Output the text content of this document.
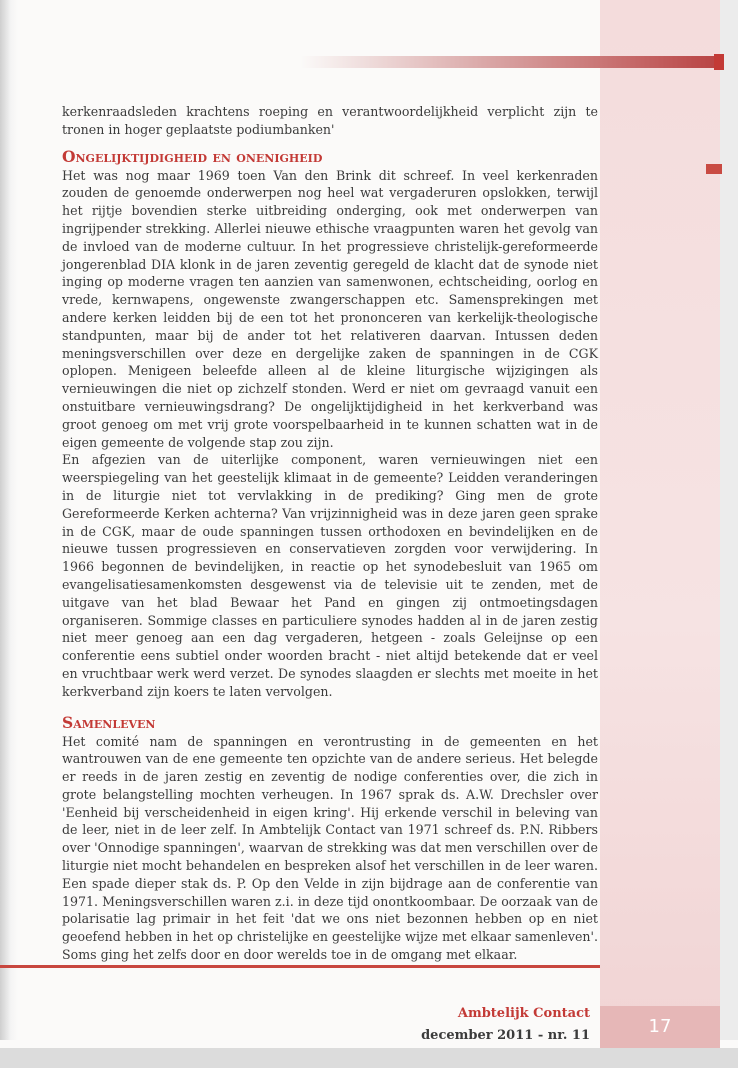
kerkenraadsleden krachtens roeping en verantwoordelijkheid verplicht zijn te tronen in hoger geplaatste podiumbanken'

Ongelijktijdigheid en onenigheid

Het was nog maar 1969 toen Van den Brink dit schreef. In veel kerkenraden zouden de genoemde onderwerpen nog heel wat vergaderuren opslokken, terwijl het rijtje bovendien sterke uitbreiding onderging, ook met onderwerpen van ingrijpender strekking. Allerlei nieuwe ethische vraagpunten waren het gevolg van de invloed van de moderne cultuur. In het progressieve christelijk-gereformeerde jongerenblad DIA klonk in de jaren zeventig geregeld de klacht dat de synode niet inging op moderne vragen ten aanzien van samenwonen, echtscheiding, oorlog en vrede, kernwapens, ongewenste zwangerschappen etc. Samensprekingen met andere kerken leidden bij de een tot het prononceren van kerkelijk-theologische standpunten, maar bij de ander tot het relativeren daarvan. Intussen deden meningsverschillen over deze en dergelijke zaken de spanningen in de CGK oplopen. Menigeen beleefde alleen al de kleine liturgische wijzigingen als vernieuwingen die niet op zichzelf stonden. Werd er niet om gevraagd vanuit een onstuitbare vernieuwingsdrang? De ongelijktijdigheid in het kerkverband was groot genoeg om met vrij grote voorspelbaarheid in te kunnen schatten wat in de eigen gemeente de volgende stap zou zijn.

En afgezien van de uiterlijke component, waren vernieuwingen niet een weerspiegeling van het geestelijk klimaat in de gemeente? Leidden veranderingen in de liturgie niet tot vervlakking in de prediking? Ging men de grote Gereformeerde Kerken achterna? Van vrijzinnigheid was in deze jaren geen sprake in de CGK, maar de oude spanningen tussen orthodoxen en bevindelijken en de nieuwe tussen progressieven en conservatieven zorgden voor verwijdering. In 1966 begonnen de bevindelijken, in reactie op het synodebesluit van 1965 om evangelisatiesamenkomsten desgewenst via de televisie uit te zenden, met de uitgave van het blad Bewaar het Pand en gingen zij ontmoetingsdagen organiseren. Sommige classes en particuliere synodes hadden al in de jaren zestig niet meer genoeg aan een dag vergaderen, hetgeen - zoals Geleijnse op een conferentie eens subtiel onder woorden bracht - niet altijd betekende dat er veel en vruchtbaar werk werd verzet. De synodes slaagden er slechts met moeite in het kerkverband zijn koers te laten vervolgen.

Samenleven

Het comité nam de spanningen en verontrusting in de gemeenten en het wantrouwen van de ene gemeente ten opzichte van de andere serieus. Het belegde er reeds in de jaren zestig en zeventig de nodige conferenties over, die zich in grote belangstelling mochten verheugen. In 1967 sprak ds. A.W. Drechsler over 'Eenheid bij verscheidenheid in eigen kring'. Hij erkende verschil in beleving van de leer, niet in de leer zelf. In Ambtelijk Contact van 1971 schreef ds. P.N. Ribbers over 'Onnodige spanningen', waarvan de strekking was dat men verschillen over de liturgie niet mocht behandelen en bespreken alsof het verschillen in de leer waren. Een spade dieper stak ds. P. Op den Velde in zijn bijdrage aan de conferentie van 1971. Meningsverschillen waren z.i. in deze tijd onontkoombaar. De oorzaak van de polarisatie lag primair in het feit 'dat we ons niet bezonnen hebben op en niet geoefend hebben in het op christelijke en geestelijke wijze met elkaar samenleven'. Soms ging het zelfs door en door werelds toe in de omgang met elkaar.

Ambtelijk Contact
december 2011 - nr. 11	17
